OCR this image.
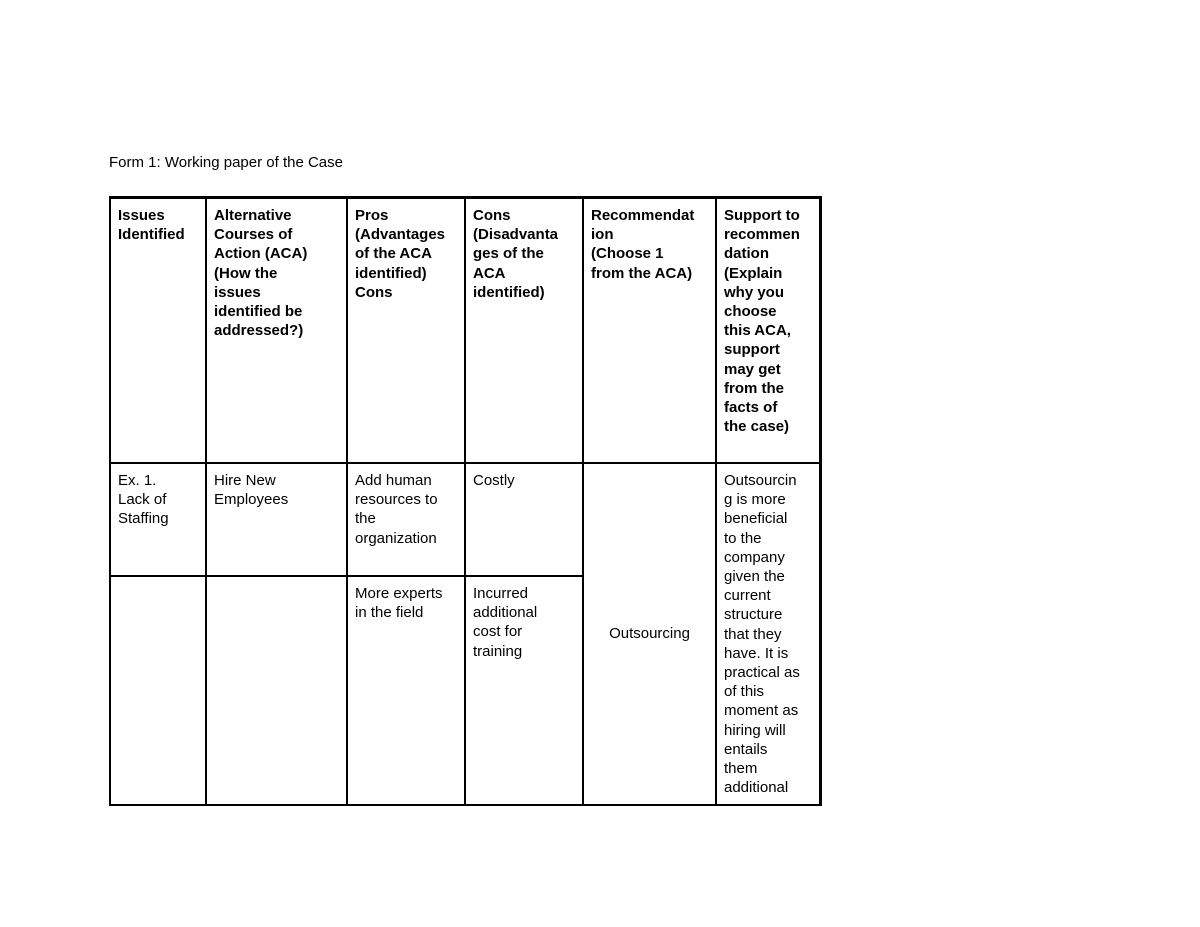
Form 1: Working paper of the Case
Issues
Identified
Alternative
Courses of
Action (ACA)
(How the
issues
identified be
addressed?)
Pros
(Advantages
of the ACA
identified)
Cons
Cons
(Disadvanta
ges of the
ACA
identified)
Recommendat
ion
(Choose 1
from the ACA)
Support to
recommen
dation
(Explain
why you
choose
this ACA,
support
may get
from the
facts of
the case)
Ex. 1.
Lack of
Staffing
Hire New
Employees
Add human
resources to
the
organization
Costly
More experts
in the field
Incurred
additional
cost for
training
Outsourcing
Outsourcin
g is more
beneficial
to the
company
given the
current
structure
that they
have. It is
practical as
of this
moment as
hiring will
entails
them
additional
